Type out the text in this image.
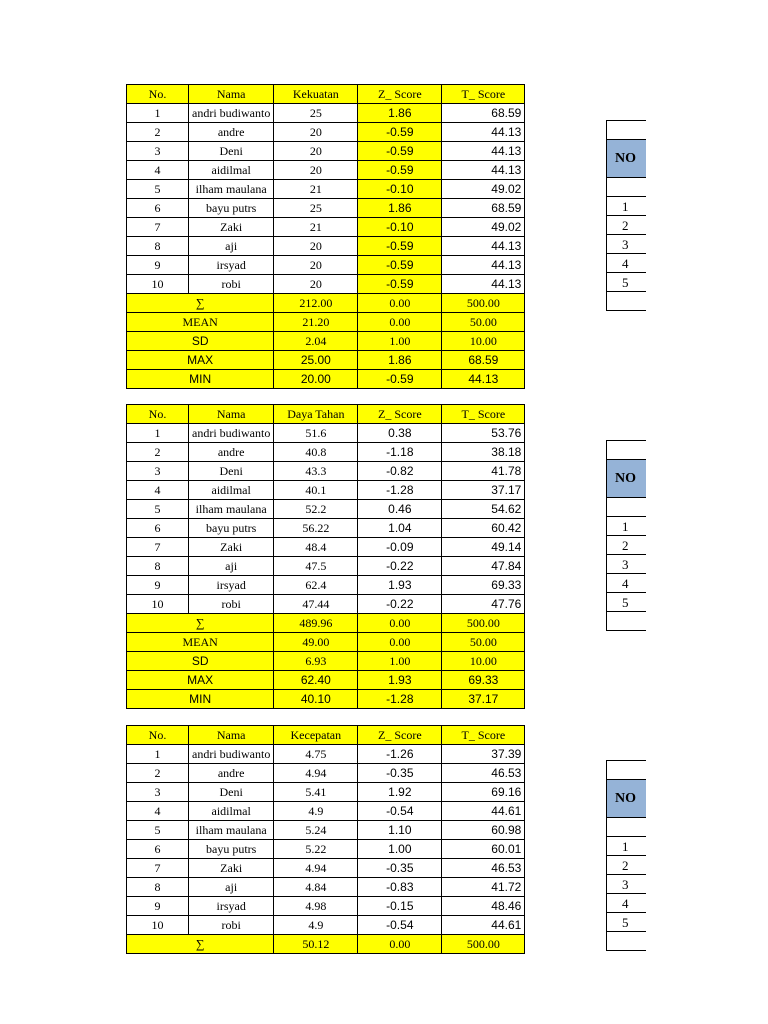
No.	Nama	Kekuatan	Z_ Score	T_ Score
1	andri budiwanto	25	1.86	68.59
2	andre	20	-0.59	44.13
3	Deni	20	-0.59	44.13
4	aidilmal	20	-0.59	44.13
5	ilham maulana	21	-0.10	49.02
6	bayu putrs	25	1.86	68.59
7	Zaki	21	-0.10	49.02
8	aji	20	-0.59	44.13
9	irsyad	20	-0.59	44.13
10	robi	20	-0.59	44.13
∑		212.00	0.00	500.00
MEAN		21.20	0.00	50.00
SD		2.04	1.00	10.00
MAX		25.00	1.86	68.59
MIN		20.00	-0.59	44.13
No.	Nama	Daya Tahan	Z_ Score	T_ Score
1	andri budiwanto	51.6	0.38	53.76
2	andre	40.8	-1.18	38.18
3	Deni	43.3	-0.82	41.78
4	aidilmal	40.1	-1.28	37.17
5	ilham maulana	52.2	0.46	54.62
6	bayu putrs	56.22	1.04	60.42
7	Zaki	48.4	-0.09	49.14
8	aji	47.5	-0.22	47.84
9	irsyad	62.4	1.93	69.33
10	robi	47.44	-0.22	47.76
∑		489.96	0.00	500.00
MEAN		49.00	0.00	50.00
SD		6.93	1.00	10.00
MAX		62.40	1.93	69.33
MIN		40.10	-1.28	37.17
No.	Nama	Kecepatan	Z_ Score	T_ Score
1	andri budiwanto	4.75	-1.26	37.39
2	andre	4.94	-0.35	46.53
3	Deni	5.41	1.92	69.16
4	aidilmal	4.9	-0.54	44.61
5	ilham maulana	5.24	1.10	60.98
6	bayu putrs	5.22	1.00	60.01
7	Zaki	4.94	-0.35	46.53
8	aji	4.84	-0.83	41.72
9	irsyad	4.98	-0.15	48.46
10	robi	4.9	-0.54	44.61
∑		50.12	0.00	500.00

NO

1
2
3
4
5

NO

1
2
3
4
5

NO

1
2
3
4
5
